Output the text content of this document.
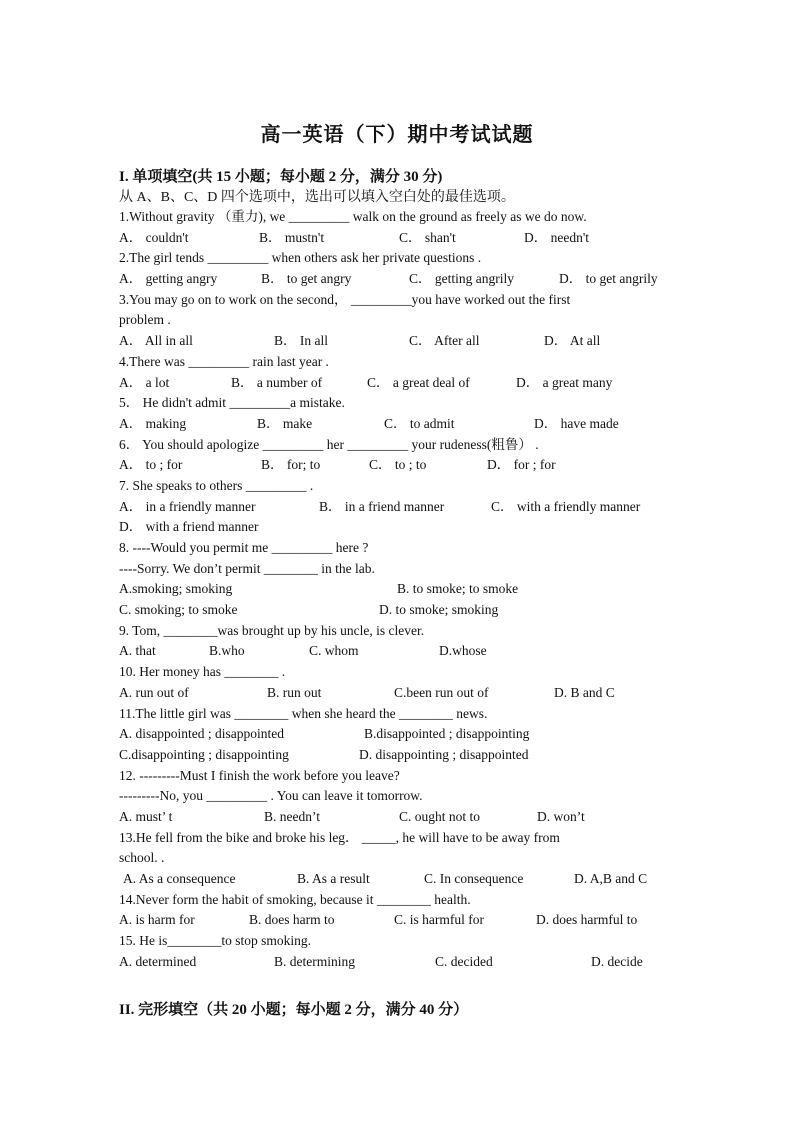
高一英语（下）期中考试试题
I. 单项填空(共 15 小题；每小题 2 分，满分 30 分)
从 A、B、C、D 四个选项中，选出可以填入空白处的最佳选项。
1.Without gravity （重力), we _________ walk on the ground as freely as we do now.
A． couldn't	B． mustn't	C． shan't	D． needn't
2.The girl tends _________ when others ask her private questions .
A． getting angry	B． to get angry	C． getting angrily	D． to get angrily
3.You may go on to work on the second， _________you have worked out the first
problem .
A． All in all	B． In all	C． After all	D． At all
4.There was _________ rain last year .
A． a lot	B． a number of	C． a great deal of	D． a great many
5． He didn't admit _________a mistake.
A． making	B． make	C． to admit	D． have made
6． You should apologize _________ her _________ your rudeness(粗鲁） .
A． to ; for	B． for; to	C． to ; to	D． for ; for
7. She speaks to others _________ .
A． in a friendly manner	B． in a friend manner	C． with a friendly manner
D． with a friend manner
8. ----Would you permit me _________ here ?
----Sorry. We don’t permit ________ in the lab.
A.smoking; smoking	B. to smoke; to smoke
C. smoking; to smoke	D. to smoke; smoking
9. Tom, ________was brought up by his uncle, is clever.
A. that	B.who	C. whom	D.whose
10. Her money has ________ .
A. run out of	B. run out	C.been run out of	D. B and C
11.The little girl was ________ when she heard the ________ news.
A. disappointed ; disappointed	B.disappointed ; disappointing
C.disappointing ; disappointing	D. disappointing ; disappointed
12. ---------Must I finish the work before you leave?
---------No, you _________ . You can leave it tomorrow.
A. must’ t	B. needn’t	C. ought not to	D. won’t
13.He fell from the bike and broke his leg． _____, he will have to be away from
school. .
A. As a consequence	B. As a result	C. In consequence	D. A,B and C
14.Never form the habit of smoking, because it ________ health.
A. is harm for	B. does harm to	C. is harmful for	D. does harmful to
15. He is________to stop smoking.
A. determined	B. determining	C. decided	D. decide
II. 完形填空（共 20 小题；每小题 2 分，满分 40 分）
